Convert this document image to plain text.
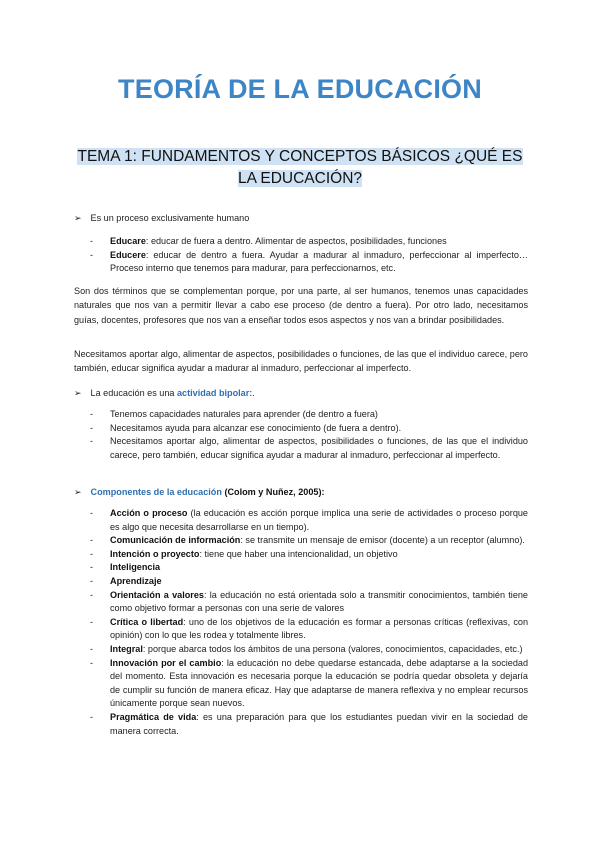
TEORÍA DE LA EDUCACIÓN
TEMA 1: FUNDAMENTOS Y CONCEPTOS BÁSICOS ¿QUÉ ES
LA EDUCACIÓN?
➢ Es un proceso exclusivamente humano
- Educare: educar de fuera a dentro. Alimentar de aspectos, posibilidades, funciones
- Educere: educar de dentro a fuera. Ayudar a madurar al inmaduro, perfeccionar al imperfecto… Proceso interno que tenemos para madurar, para perfeccionarnos, etc.
Son dos términos que se complementan porque, por una parte, al ser humanos, tenemos unas capacidades naturales que nos van a permitir llevar a cabo ese proceso (de dentro a fuera). Por otro lado, necesitamos guías, docentes, profesores que nos van a enseñar todos esos aspectos y nos van a brindar posibilidades.
Necesitamos aportar algo, alimentar de aspectos, posibilidades o funciones, de las que el individuo carece, pero también, educar significa ayudar a madurar al inmaduro, perfeccionar al imperfecto.
➢ La educación es una actividad bipolar:.
- Tenemos capacidades naturales para aprender (de dentro a fuera)
- Necesitamos ayuda para alcanzar ese conocimiento (de fuera a dentro).
- Necesitamos aportar algo, alimentar de aspectos, posibilidades o funciones, de las que el individuo carece, pero también, educar significa ayudar a madurar al inmaduro, perfeccionar al imperfecto.
➢ Componentes de la educación (Colom y Nuñez, 2005):
- Acción o proceso (la educación es acción porque implica una serie de actividades o proceso porque es algo que necesita desarrollarse en un tiempo).
- Comunicación de información: se transmite un mensaje de emisor (docente) a un receptor (alumno).
- Intención o proyecto: tiene que haber una intencionalidad, un objetivo
- Inteligencia
- Aprendizaje
- Orientación a valores: la educación no está orientada solo a transmitir conocimientos, también tiene como objetivo formar a personas con una serie de valores
- Crítica o libertad: uno de los objetivos de la educación es formar a personas críticas (reflexivas, con opinión) con lo que les rodea y totalmente libres.
- Integral: porque abarca todos los ámbitos de una persona (valores, conocimientos, capacidades, etc.)
- Innovación por el cambio: la educación no debe quedarse estancada, debe adaptarse a la sociedad del momento. Esta innovación es necesaria porque la educación se podría quedar obsoleta y dejaría de cumplir su función de manera eficaz. Hay que adaptarse de manera reflexiva y no emplear recursos únicamente porque sean nuevos.
- Pragmática de vida: es una preparación para que los estudiantes puedan vivir en la sociedad de manera correcta.
